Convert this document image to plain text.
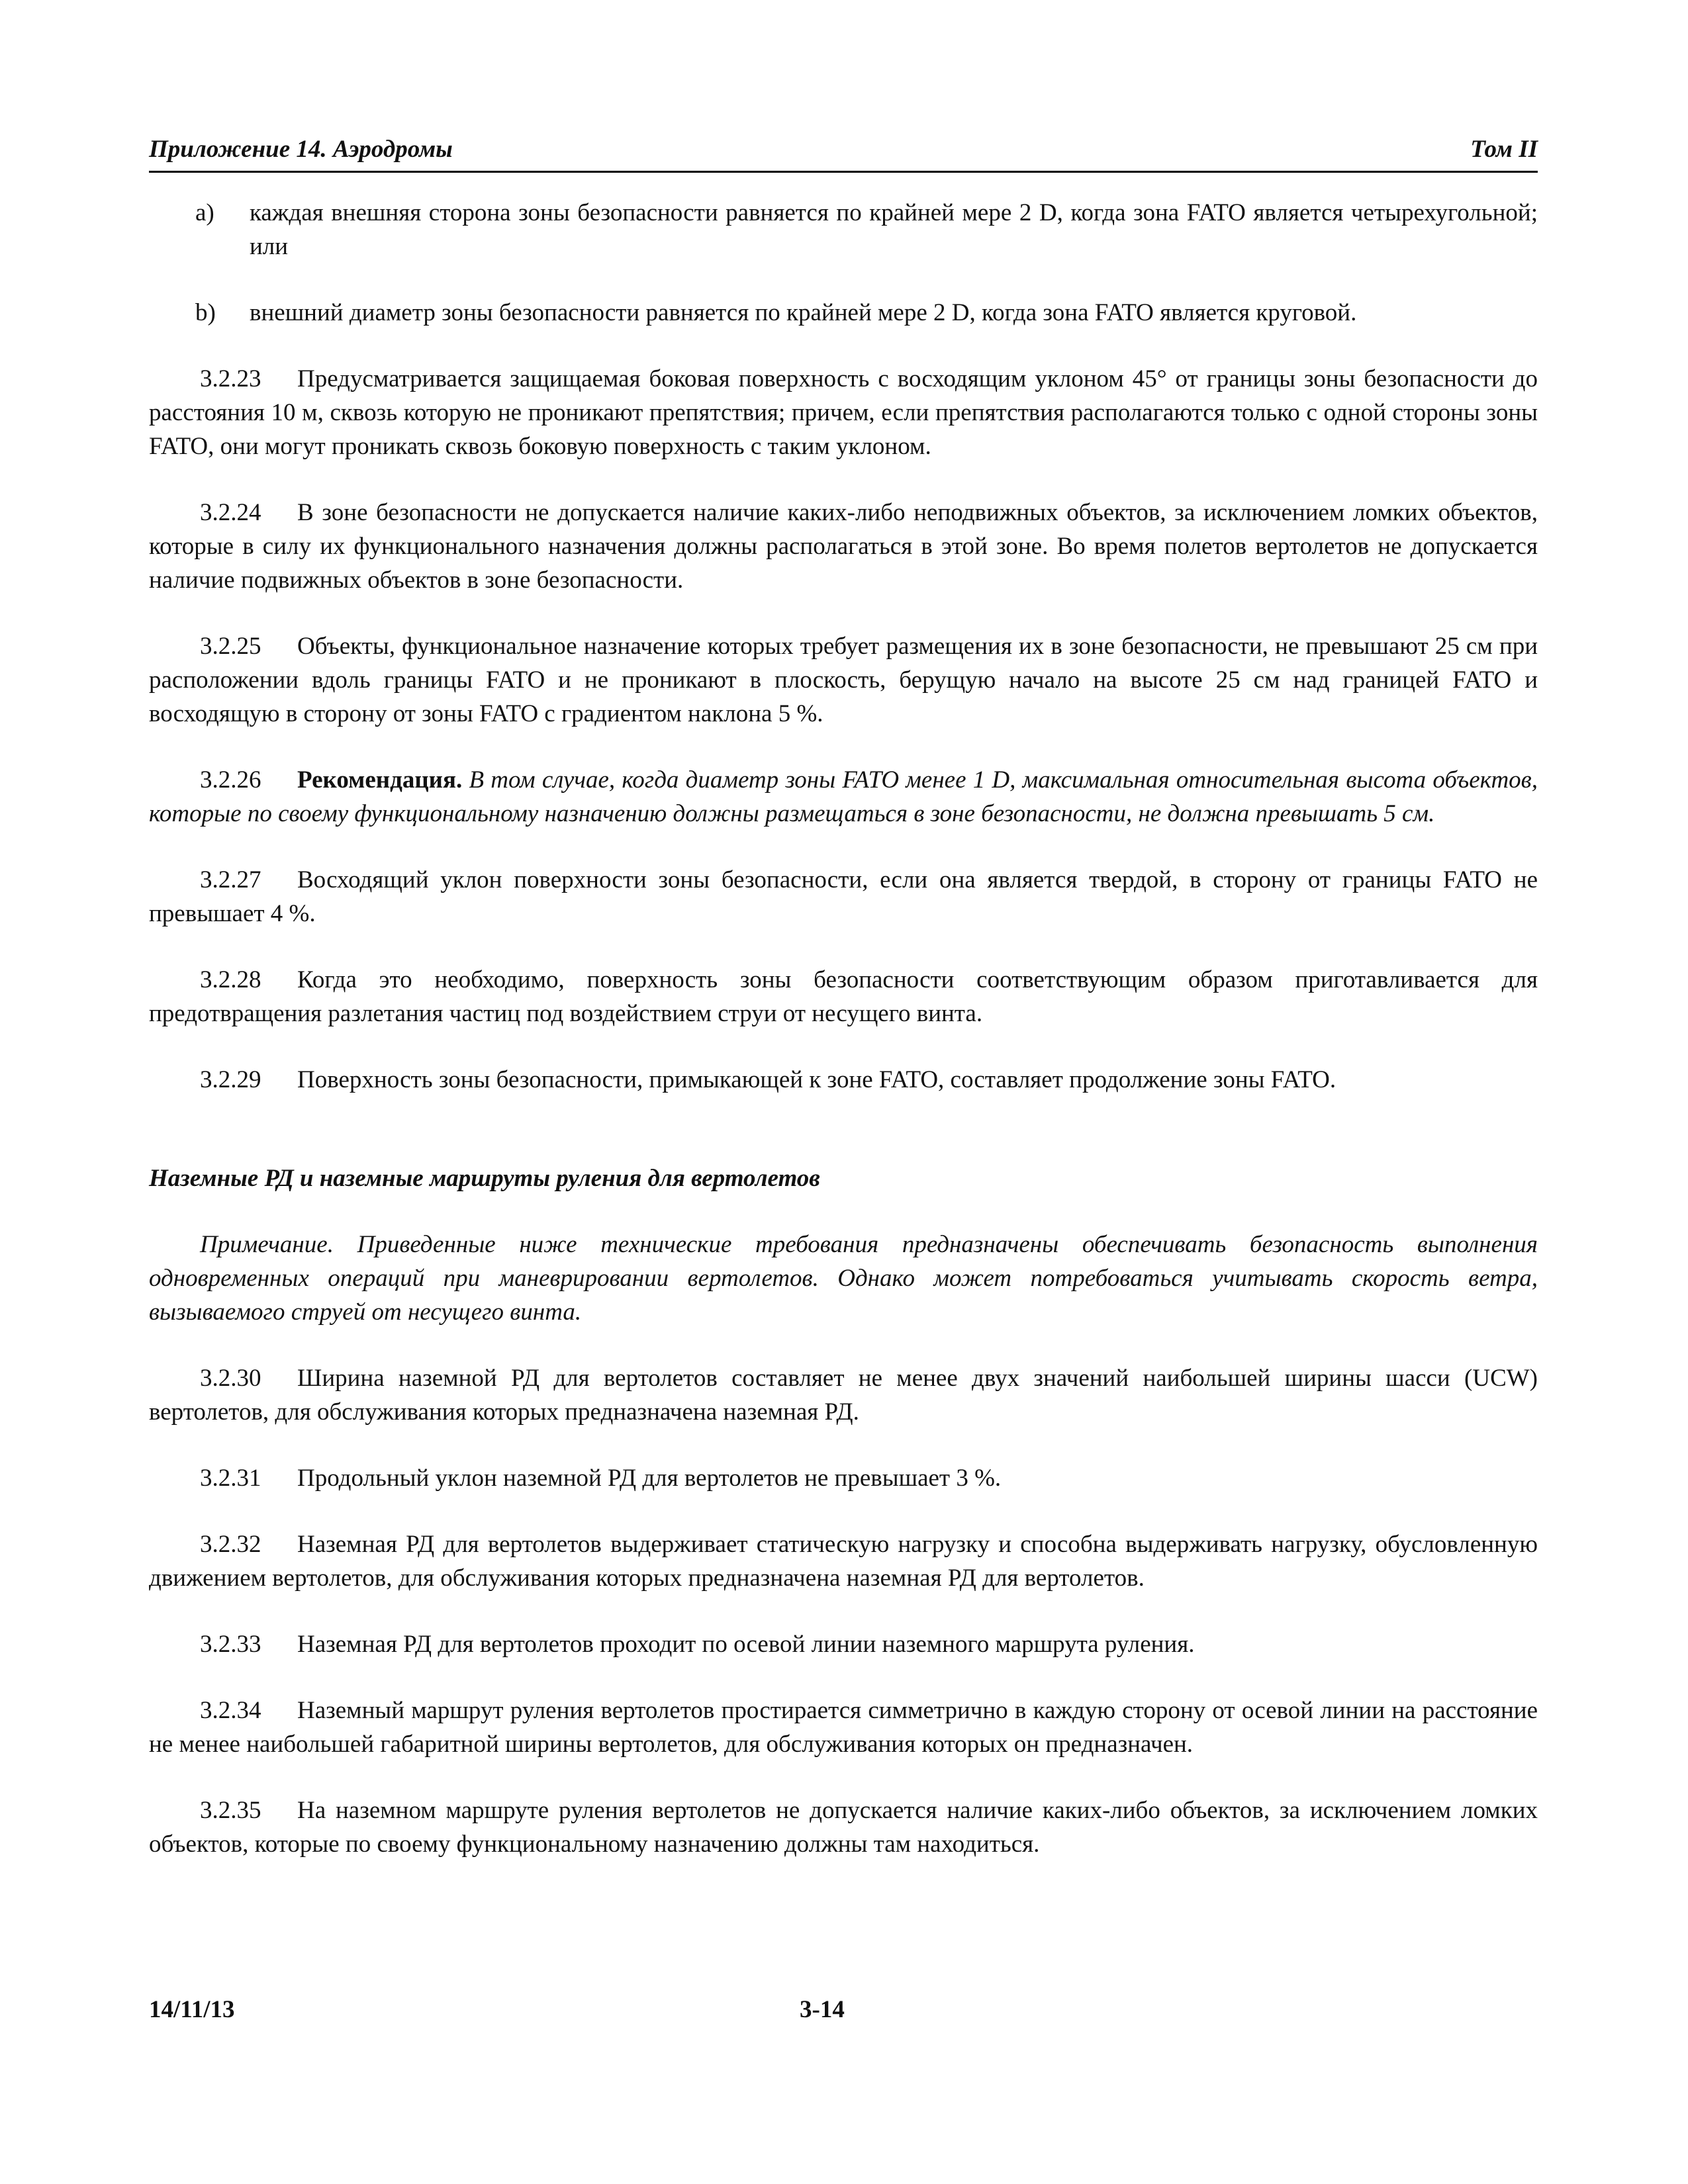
Приложение 14. Аэродромы	Том II
a)	каждая внешняя сторона зоны безопасности равняется по крайней мере 2 D, когда зона FATO является четырехугольной; или
b)	внешний диаметр зоны безопасности равняется по крайней мере 2 D, когда зона FATO является круговой.

3.2.23 Предусматривается защищаемая боковая поверхность с восходящим уклоном 45° от границы зоны безопасности до расстояния 10 м, сквозь которую не проникают препятствия; причем, если препятствия располагаются только с одной стороны зоны FATO, они могут проникать сквозь боковую поверхность с таким уклоном.

3.2.24 В зоне безопасности не допускается наличие каких-либо неподвижных объектов, за исключением ломких объектов, которые в силу их функционального назначения должны располагаться в этой зоне. Во время полетов вертолетов не допускается наличие подвижных объектов в зоне безопасности.

3.2.25 Объекты, функциональное назначение которых требует размещения их в зоне безопасности, не превышают 25 см при расположении вдоль границы FATO и не проникают в плоскость, берущую начало на высоте 25 см над границей FATO и восходящую в сторону от зоны FATO с градиентом наклона 5 %.

3.2.26 Рекомендация. В том случае, когда диаметр зоны FATO менее 1 D, максимальная относительная высота объектов, которые по своему функциональному назначению должны размещаться в зоне безопасности, не должна превышать 5 см.

3.2.27 Восходящий уклон поверхности зоны безопасности, если она является твердой, в сторону от границы FATO не превышает 4 %.

3.2.28 Когда это необходимо, поверхность зоны безопасности соответствующим образом приготавливается для предотвращения разлетания частиц под воздействием струи от несущего винта.

3.2.29 Поверхность зоны безопасности, примыкающей к зоне FATO, составляет продолжение зоны FATO.

Наземные РД и наземные маршруты руления для вертолетов

Примечание. Приведенные ниже технические требования предназначены обеспечивать безопасность выполнения одновременных операций при маневрировании вертолетов. Однако может потребоваться учитывать скорость ветра, вызываемого струей от несущего винта.

3.2.30 Ширина наземной РД для вертолетов составляет не менее двух значений наибольшей ширины шасси (UCW) вертолетов, для обслуживания которых предназначена наземная РД.

3.2.31 Продольный уклон наземной РД для вертолетов не превышает 3 %.

3.2.32 Наземная РД для вертолетов выдерживает статическую нагрузку и способна выдерживать нагрузку, обусловленную движением вертолетов, для обслуживания которых предназначена наземная РД для вертолетов.

3.2.33 Наземная РД для вертолетов проходит по осевой линии наземного маршрута руления.

3.2.34 Наземный маршрут руления вертолетов простирается симметрично в каждую сторону от осевой линии на расстояние не менее наибольшей габаритной ширины вертолетов, для обслуживания которых он предназначен.

3.2.35 На наземном маршруте руления вертолетов не допускается наличие каких-либо объектов, за исключением ломких объектов, которые по своему функциональному назначению должны там находиться.

14/11/13	3-14
